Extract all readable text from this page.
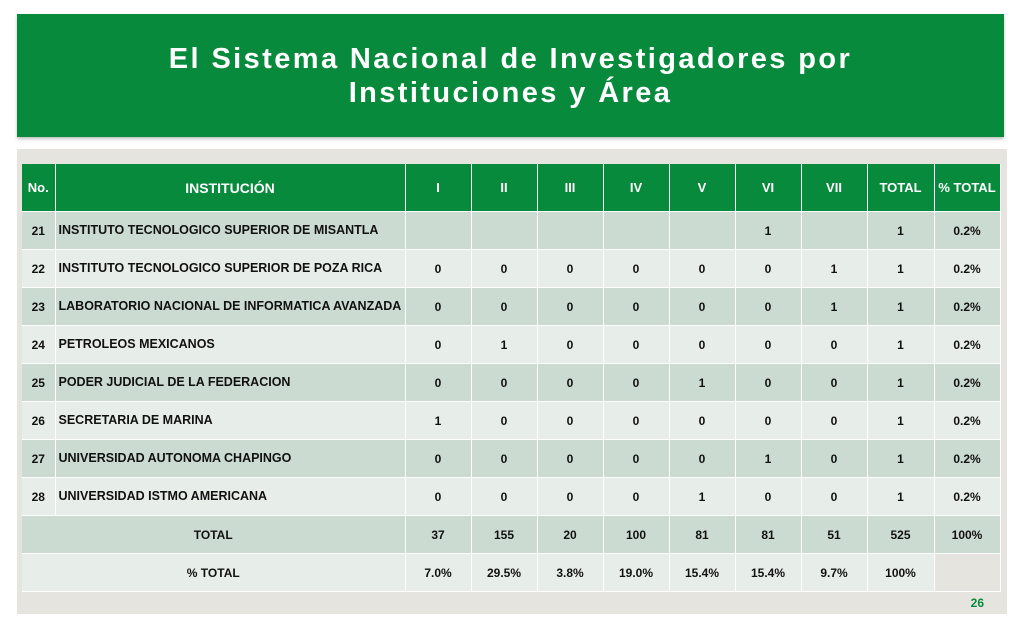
El Sistema Nacional de Investigadores por
Instituciones y Área
No.	INSTITUCIÓN	I	II	III	IV	V	VI	VII	TOTAL	% TOTAL
21	INSTITUTO TECNOLOGICO SUPERIOR DE MISANTLA						1		1	0.2%
22	INSTITUTO TECNOLOGICO SUPERIOR DE POZA RICA	0	0	0	0	0	0	1	1	0.2%
23	LABORATORIO NACIONAL DE INFORMATICA AVANZADA	0	0	0	0	0	0	1	1	0.2%
24	PETROLEOS MEXICANOS	0	1	0	0	0	0	0	1	0.2%
25	PODER JUDICIAL DE LA FEDERACION	0	0	0	0	1	0	0	1	0.2%
26	SECRETARIA DE MARINA	1	0	0	0	0	0	0	1	0.2%
27	UNIVERSIDAD AUTONOMA CHAPINGO	0	0	0	0	0	1	0	1	0.2%
28	UNIVERSIDAD ISTMO AMERICANA	0	0	0	0	1	0	0	1	0.2%
TOTAL		37	155	20	100	81	81	51	525	100%
% TOTAL		7.0%	29.5%	3.8%	19.0%	15.4%	15.4%	9.7%	100%	
26
